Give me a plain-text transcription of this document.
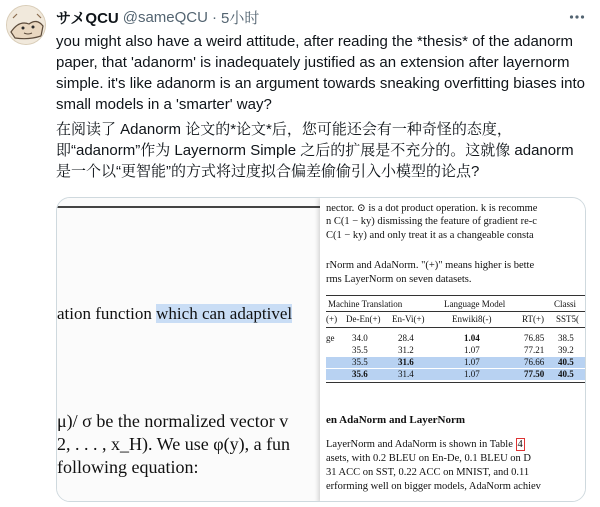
サメQCU @sameQCU · 5小时
you might also have a weird attitude, after reading the *thesis* of the adanorm paper, that 'adanorm' is inadequately justified as an extension after layernorm simple. it's like adanorm is an argument towards sneaking overfitting biases into small models in a 'smarter' way?
在阅读了 Adanorm 论文的*论文*后，您可能还会有一种奇怪的态度，即“adanorm”作为 Layernorm Simple 之后的扩展是不充分的。这就像 adanorm 是一个以“更智能”的方式将过度拟合偏差偷偷引入小模型的论点?
ation function which can adaptivel
μ)/ σ be the normalized vector v
2, . . . , x_H). We use φ(y), a fun
following equation:
nector. ⊙ is a dot product operation. k is recomme
n C(1 − ky) dismissing the feature of gradient re-c
C(1 − ky) and only treat it as a changeable consta
rNorm and AdaNorm. "(+)" means higher is bette
rms LayerNorm on seven datasets.
Machine Translation	Language Model	Classi
(+) De-En(+) En-Vi(+)	Enwiki8(-)	RT(+) SST5(
ge 34.0	28.4	1.04	76.85 38.5
35.5	31.2	1.07	77.21 39.2
35.5	31.6	1.07	76.66 40.5
35.6	31.4	1.07	77.50 40.5
en AdaNorm and LayerNorm
LayerNorm and AdaNorm is shown in Table 4
asets, with 0.2 BLEU on En-De, 0.1 BLEU on D
31 ACC on SST, 0.22 ACC on MNIST, and 0.11
erforming well on bigger models, AdaNorm achiev
